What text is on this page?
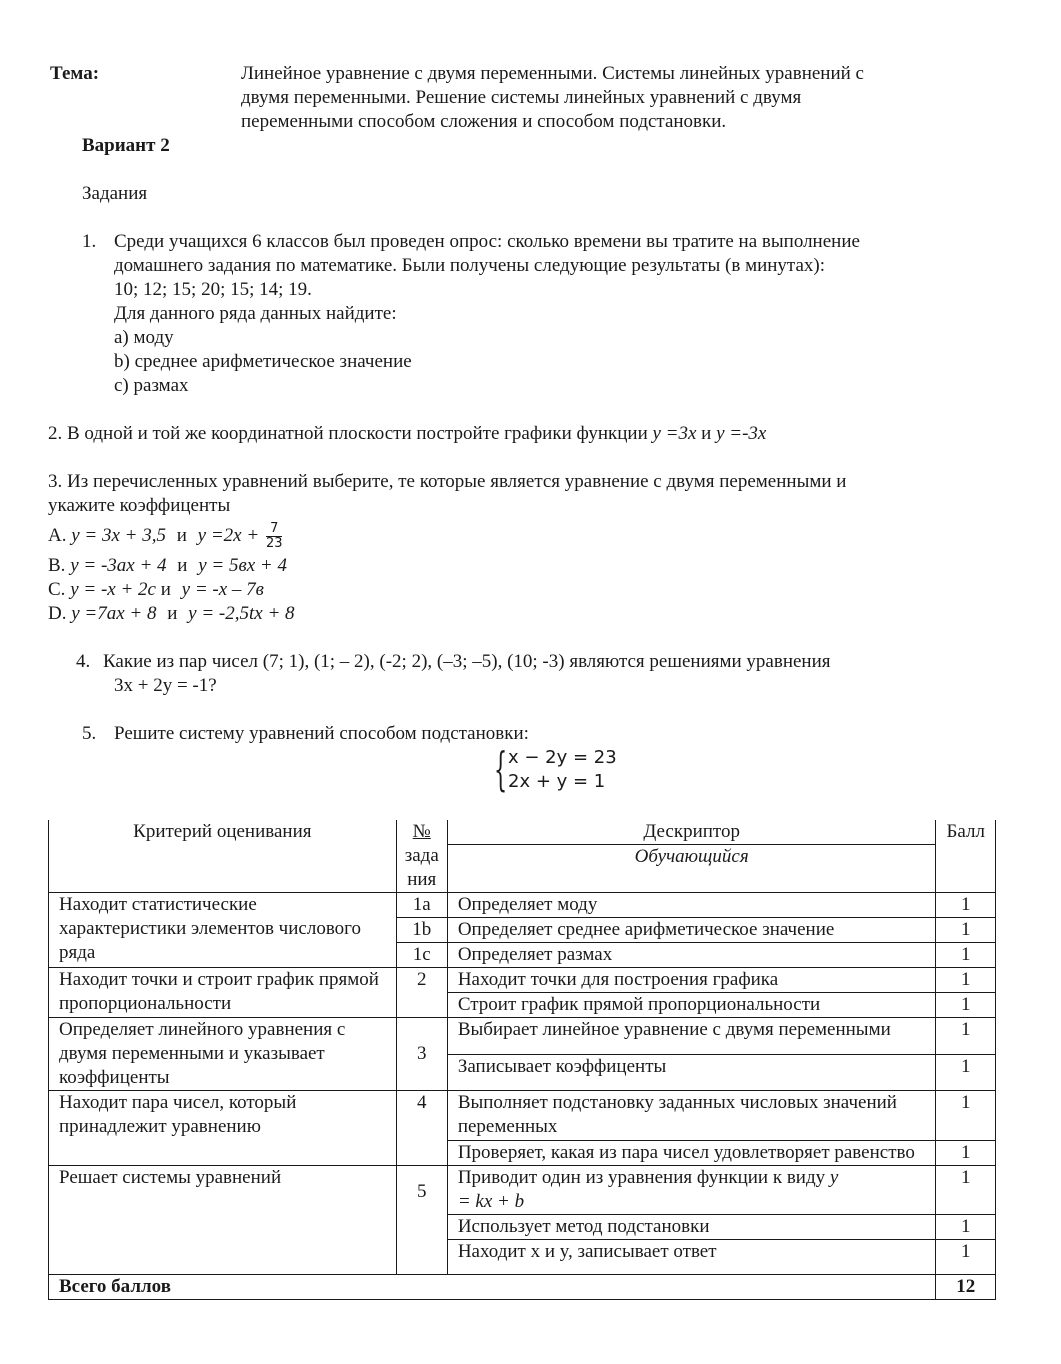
Тема:	Линейное уравнение с двумя переменными. Системы линейных уравнений с
двумя переменными. Решение системы линейных уравнений с двумя
переменными способом сложения и способом подстановки.
Вариант 2
Задания
1. Среди учащихся 6 классов был проведен опрос: сколько времени вы тратите на выполнение
домашнего задания по математике. Были получены следующие результаты (в минутах):
10; 12; 15; 20; 15; 14; 19.
Для данного ряда данных найдите:
a) моду
b) среднее арифметическое значение
c) размах
2. В одной и той же координатной плоскости постройте графики функции y =3x и y =-3x
3. Из перечисленных уравнений выберите, те которые является уравнение с двумя переменными и
укажите коэффиценты
A. y = 3x + 3,5 и $y =2x + \frac{7}{23}$
B. y = -3ax + 4 и y = 5вx + 4
C. y = -x + 2c и y = -x – 7в
D. y =7ax + 8 и y = -2,5tx + 8
4. Какие из пар чисел (7; 1), (1; – 2), (-2; 2), (–3; –5), (10; -3) являются решениями уравнения
3x + 2y = -1?
5. Решите систему уравнений способом подстановки:
{ x − 2y = 23
2x + y = 1
Критерий оценивания	№
зада
ния	Дескриптор	Балл
		Обучающийся	
Находит статистические характеристики элементов числового ряда	1a	Определяет моду	1
	1b	Определяет среднее арифметическое значение	1
	1c	Определяет размах	1
Находит точки и строит график прямой пропорциональности	2	Находит точки для построения графика	1
		Строит график прямой пропорциональности	1
Определяет линейного уравнения с двумя переменными и указывает коэффиценты	3	Выбирает линейное уравнение с двумя переменными	1
		Записывает коэффиценты	1
Находит пара чисел, который принадлежит уравнению	4	Выполняет подстановку заданных числовых значений переменных	1
		Проверяет, какая из пара чисел удовлетворяет равенство	1
Решает системы уравнений	5	Приводит один из уравнения функции к виду y
= kx + b	1
		Использует метод подстановки	1
		Находит x и y, записывает ответ	1
Всего баллов			12
